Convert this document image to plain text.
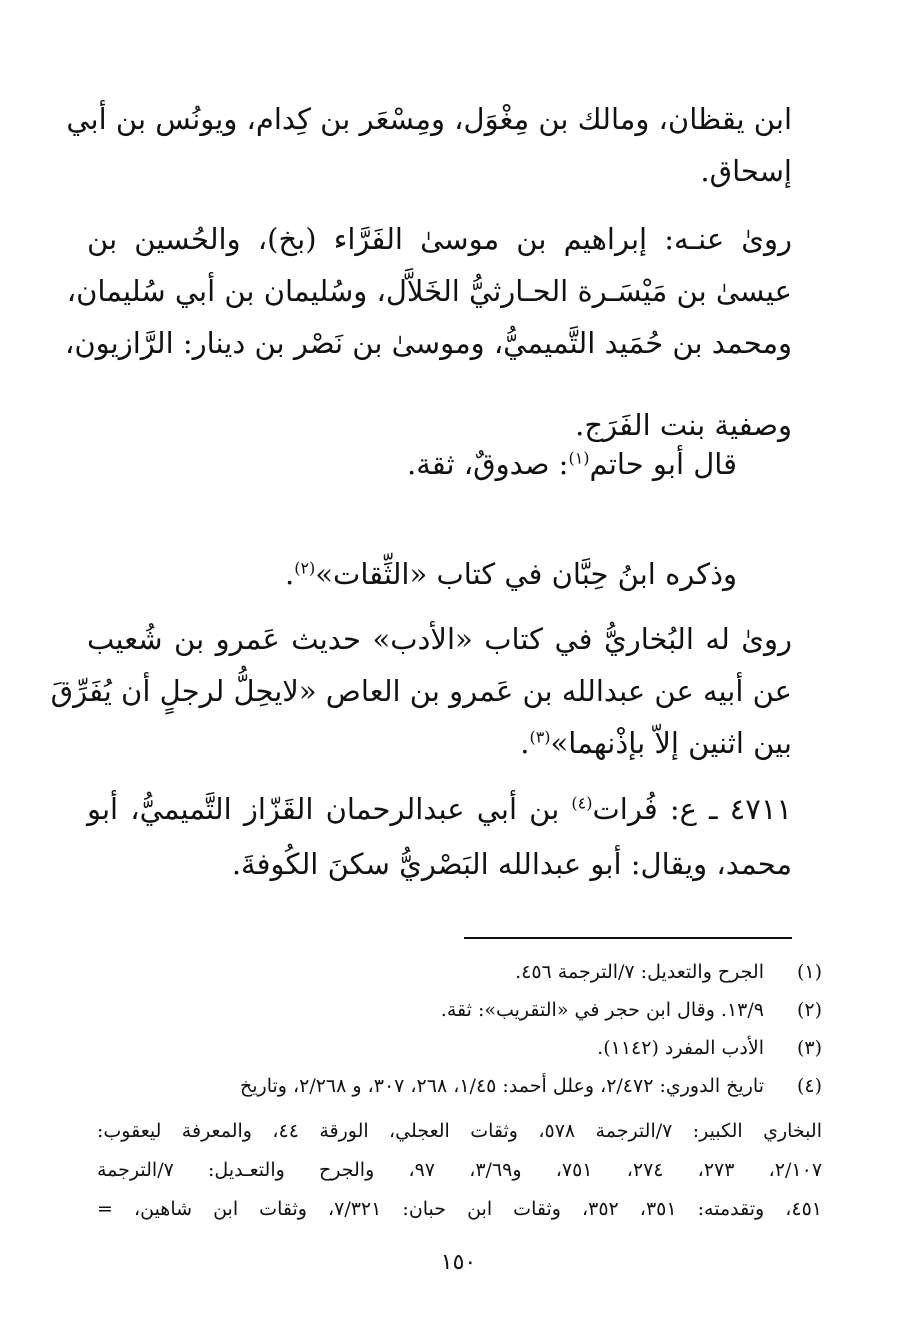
ابن يقظان، ومالك بن مِغْوَل، ومِسْعَر بن كِدام، ويونُس بن أبي
إسحاق.
روىٰ عنـه: إبراهيم بن موسىٰ الفَرَّاء (بخ)، والحُسين بن
عيسىٰ بن مَيْسَـرة الحـارثيُّ الخَلاَّل، وسُليمان بن أبي سُليمان،
ومحمد بن حُمَيد التَّميميُّ، وموسىٰ بن نَصْر بن دينار: الرَّازيون،
وصفية بنت الفَرَج.
قال أبو حاتم$^{(١)}$: صدوقٌ، ثقة.
وذكره ابنُ حِبَّان في كتاب «الثِّقات»$^{(٢)}$.
روىٰ له البُخاريُّ في كتاب «الأدب» حديث عَمرو بن شُعيب
عن أبيه عن عبدالله بن عَمرو بن العاص «لايحِلُّ لرجلٍ أن يُفَرِّقَ
بين اثنين إلاّ بإذْنهما»$^{(٣)}$.
٤٧١١ ـ ع: فُرات$^{(٤)}$ بن أبي عبدالرحمان القَزّاز التَّميميُّ، أبو
محمد، ويقال: أبو عبدالله البَصْريُّ سكنَ الكُوفةَ.
(١)الجرح والتعديل: ٧/الترجمة ٤٥٦.
(٢)١٣/٩. وقال ابن حجر في «التقريب»: ثقة.
(٣)الأدب المفرد (١١٤٢).
(٤)تاريخ الدوري: ٢/٤٧٢، وعلل أحمد: ١/٤٥، ٢٦٨، ٣٠٧، و ٢/٢٦٨، وتاريخ
البخاري الكبير: ٧/الترجمة ٥٧٨، وثقات العجلي، الورقة ٤٤، والمعرفة ليعقوب:
٢/١٠٧، ٢٧٣، ٢٧٤، ٧٥١، و٣/٦٩، ٩٧، والجرح والتعـديل: ٧/الترجمة
٤٥١، وتقدمته: ٣٥١، ٣٥٢، وثقات ابن حبان: ٧/٣٢١، وثقات ابن شاهين، =
١٥٠
